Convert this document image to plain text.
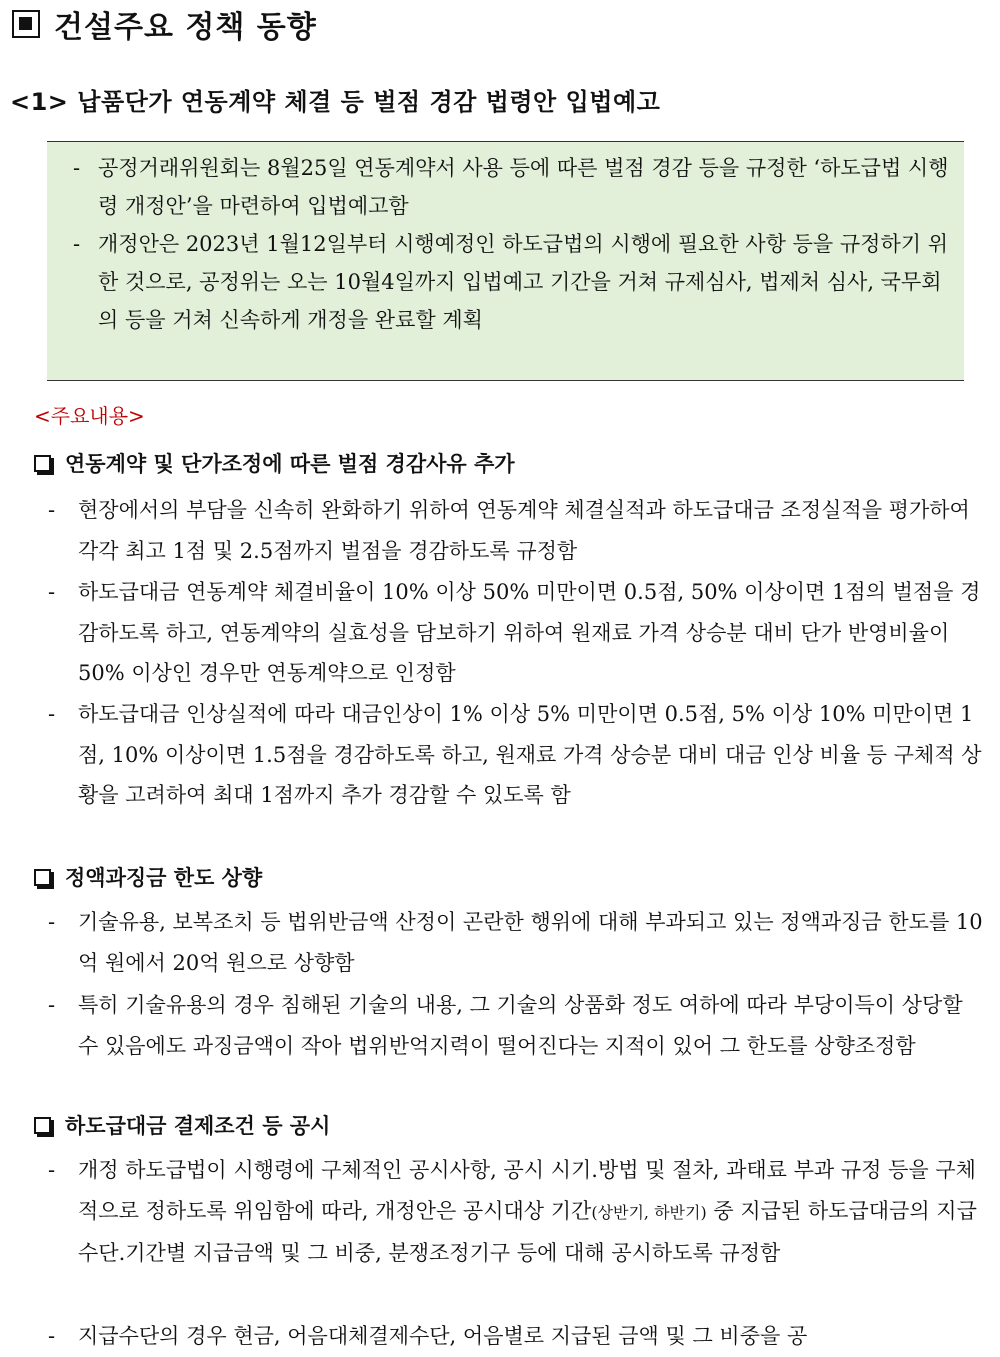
건설주요 정책 동향
<1> 납품단가 연동계약 체결 등 벌점 경감 법령안 입법예고
- 공정거래위원회는 8월25일 연동계약서 사용 등에 따른 벌점 경감 등을 규정한 ‘하도급법 시행령 개정안’을 마련하여 입법예고함
- 개정안은 2023년 1월12일부터 시행예정인 하도급법의 시행에 필요한 사항 등을 규정하기 위한 것으로, 공정위는 오는 10월4일까지 입법예고 기간을 거쳐 규제심사, 법제처 심사, 국무회의 등을 거쳐 신속하게 개정을 완료할 계획
<주요내용>
연동계약 및 단가조정에 따른 벌점 경감사유 추가
- 현장에서의 부담을 신속히 완화하기 위하여 연동계약 체결실적과 하도급대금 조정실적을 평가하여 각각 최고 1점 및 2.5점까지 벌점을 경감하도록 규정함
- 하도급대금 연동계약 체결비율이 10% 이상 50% 미만이면 0.5점, 50% 이상이면 1점의 벌점을 경감하도록 하고, 연동계약의 실효성을 담보하기 위하여 원재료 가격 상승분 대비 단가 반영비율이 50% 이상인 경우만 연동계약으로 인정함
- 하도급대금 인상실적에 따라 대금인상이 1% 이상 5% 미만이면 0.5점, 5% 이상 10% 미만이면 1점, 10% 이상이면 1.5점을 경감하도록 하고, 원재료 가격 상승분 대비 대금 인상 비율 등 구체적 상황을 고려하여 최대 1점까지 추가 경감할 수 있도록 함
정액과징금 한도 상향
- 기술유용, 보복조치 등 법위반금액 산정이 곤란한 행위에 대해 부과되고 있는 정액과징금 한도를 10억 원에서 20억 원으로 상향함
- 특히 기술유용의 경우 침해된 기술의 내용, 그 기술의 상품화 정도 여하에 따라 부당이득이 상당할 수 있음에도 과징금액이 작아 법위반억지력이 떨어진다는 지적이 있어 그 한도를 상향조정함
하도급대금 결제조건 등 공시
- 개정 하도급법이 시행령에 구체적인 공시사항, 공시 시기.방법 및 절차, 과태료 부과 규정 등을 구체적으로 정하도록 위임함에 따라, 개정안은 공시대상 기간(상반기, 하반기) 중 지급된 하도급대금의 지급수단.기간별 지급금액 및 그 비중, 분쟁조정기구 등에 대해 공시하도록 규정함
- 지급수단의 경우 현금, 어음대체결제수단, 어음별로 지급된 금액 및 그 비중을 공
